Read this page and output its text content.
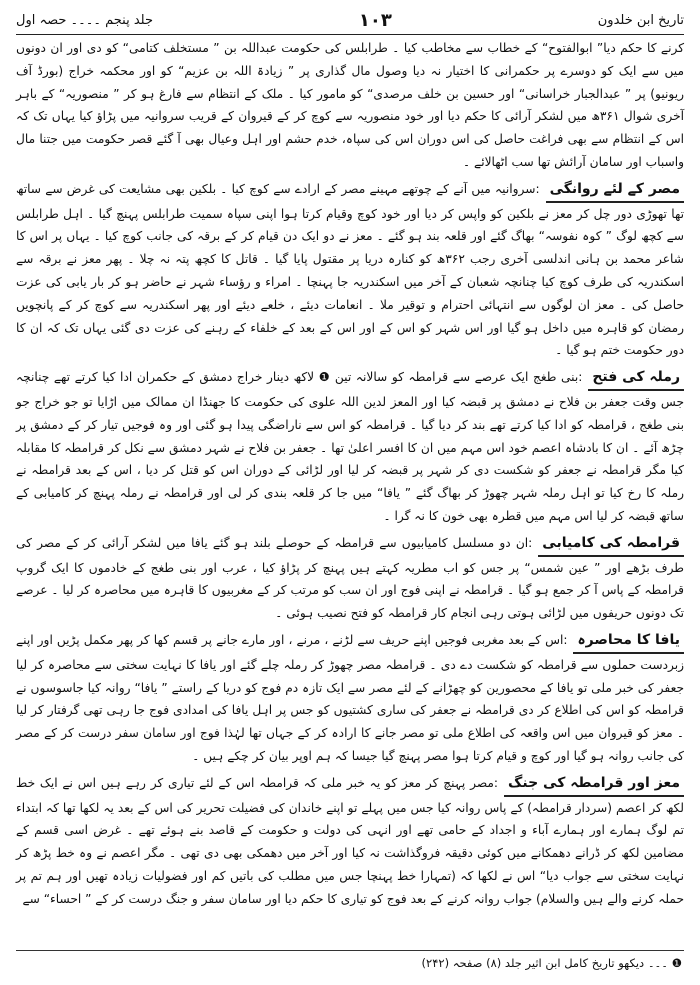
تاریخ ابن خلدون
۱۰۳
جلد پنجم ۔۔۔۔ حصہ اول

کرنے کا حکم دیا” ابوالفتوح“ کے خطاب سے مخاطب کیا ۔ طرابلس کی حکومت عبداللہ بن ” مستخلف کتامی“ کو دی اور ان دونوں میں سے ایک کو دوسرے پر حکمرانی کا اختیار نہ دیا وصول مال گذاری پر ” زیادۃ اللہ بن عزیم“ کو اور محکمہ خراج (بورڈ آف ریونیو) پر ” عبدالجبار خراسانی“ اور حسین بن خلف مرصدی“ کو مامور کیا ۔ ملک کے انتظام سے فارغ ہو کر ” منصوریہ“ کے باہر آخری شوال ۳۶۱ھ میں لشکر آرائی کا حکم دیا اور خود منصوریہ سے کوچ کر کے قیروان کے قریب سروانیہ میں پڑاؤ کیا یہاں تک کہ اس کے انتظام سے بھی فراغت حاصل کی اس دوران اس کی سپاہ، خدم حشم اور اہل وعیال بھی آ گئے قصر حکومت میں جتنا مال واسباب اور سامان آرائش تھا سب اٹھالائے ۔

مصر کے لئے روانگی:سروانیہ میں آنے کے چوتھے مہینے مصر کے ارادے سے کوچ کیا ۔ بلکین بھی مشایعت کی غرض سے ساتھ تھا تھوڑی دور چل کر معز نے بلکین کو واپس کر دیا اور خود کوچ وقیام کرتا ہوا اپنی سپاہ سمیت طرابلس پہنچ گیا ۔ اہل طرابلس سے کچھ لوگ ” کوہ نفوسہ“ بھاگ گئے اور قلعہ بند ہو گئے ۔ معز نے دو ایک دن قیام کر کے برقہ کی جانب کوچ کیا ۔ یہاں پر اس کا شاعر محمد بن ہانی اندلسی آخری رجب ۳۶۲ھ کو کنارہ دریا پر مقتول پایا گیا ۔ قاتل کا کچھ پتہ نہ چلا ۔ پھر معز نے برقہ سے اسکندریہ کی طرف کوچ کیا چنانچہ شعبان کے آخر میں اسکندریہ جا پہنچا ۔ امراء و رؤساء شہر نے حاضر ہو کر بار یابی کی عزت حاصل کی ۔ معز ان لوگوں سے انتہائی احترام و توقیر ملا ۔ انعامات دیئے ، خلعے دیئے اور پھر اسکندریہ سے کوچ کر کے پانچویں رمضان کو قاہرہ میں داخل ہو گیا اور اس شہر کو اس کے اور اس کے بعد کے خلفاء کے رہنے کی عزت دی گئی یہاں تک کہ ان کا دور حکومت ختم ہو گیا ۔

رملہ کی فتح:بنی طغج ایک عرصے سے قرامطہ کو سالانہ تین ❶ لاکھ دینار خراج دمشق کے حکمران ادا کیا کرتے تھے چنانچہ جس وقت جعفر بن فلاح نے دمشق پر قبضہ کیا اور المعز لدین اللہ علوی کی حکومت کا جھنڈا ان ممالک میں اڑایا تو جو خراج جو بنی طغج ، قرامطہ کو ادا کیا کرتے تھے بند کر دیا گیا ۔ قرامطہ کو اس سے ناراضگی پیدا ہو گئی اور وہ فوجیں تیار کر کے دمشق پر چڑھ آئے ۔ ان کا بادشاہ اعصم خود اس مہم میں ان کا افسر اعلیٰ تھا ۔ جعفر بن فلاح نے شہر دمشق سے نکل کر قرامطہ کا مقابلہ کیا مگر قرامطہ نے جعفر کو شکست دی کر شہر پر قبضہ کر لیا اور لڑائی کے دوران اس کو قتل کر دیا ، اس کے بعد قرامطہ نے رملہ کا رخ کیا تو اہل رملہ شہر چھوڑ کر بھاگ گئے ” یافا“ میں جا کر قلعہ بندی کر لی اور قرامطہ نے رملہ پہنچ کر کامیابی کے ساتھ قبضہ کر لیا اس مہم میں قطرہ بھی خون کا نہ گرا ۔

قرامطہ کی کامیابی:ان دو مسلسل کامیابیوں سے قرامطہ کے حوصلے بلند ہو گئے یافا میں لشکر آرائی کر کے مصر کی طرف بڑھے اور ” عین شمس“ پر جس کو اب مطریہ کہتے ہیں پہنچ کر پڑاؤ کیا ، عرب اور بنی طغج کے خادموں کا ایک گروپ قرامطہ کے پاس آ کر جمع ہو گیا ۔ قرامطہ نے اپنی فوج اور ان سب کو مرتب کر کے مغربیوں کا قاہرہ میں محاصرہ کر لیا ۔ عرصے تک دونوں حریفوں میں لڑائی ہوتی رہی انجام کار قرامطہ کو فتح نصیب ہوئی ۔

یافا کا محاصرہ:اس کے بعد مغربی فوجیں اپنے حریف سے لڑنے ، مرنے ، اور مارے جانے پر قسم کھا کر پھر مکمل پڑیں اور اپنے زبردست حملوں سے قرامطہ کو شکست دے دی ۔ قرامطہ مصر چھوڑ کر رملہ چلے گئے اور یافا کا نہایت سختی سے محاصرہ کر لیا جعفر کی خبر ملی تو یافا کے محصورین کو چھڑانے کے لئے مصر سے ایک تازہ دم فوج کو دریا کے راستے ” یافا“ روانہ کیا جاسوسوں نے قرامطہ کو اس کی اطلاع کر دی قرامطہ نے جعفر کی ساری کشتیوں کو جس پر اہل یافا کی امدادی فوج جا رہی تھی گرفتار کر لیا ۔ معز کو قیروان میں اس واقعہ کی اطلاع ملی تو مصر جانے کا ارادہ کر کے جہاں تھا لہٰذا فوج اور سامان سفر درست کر کے مصر کی جانب روانہ ہو گیا اور کوچ و قیام کرتا ہوا مصر پہنچ گیا جیسا کہ ہم اوپر بیان کر چکے ہیں ۔

معز اور قرامطہ کی جنگ:مصر پہنچ کر معز کو یہ خبر ملی کہ قرامطہ اس کے لئے تیاری کر رہے ہیں اس نے ایک خط لکھ کر اعصم (سردار قرامطہ) کے پاس روانہ کیا جس میں پہلے تو اپنے خاندان کی فضیلت تحریر کی اس کے بعد یہ لکھا تھا کہ ابتداء تم لوگ ہمارے اور ہمارے آباء و اجداد کے حامی تھے اور انہی کی دولت و حکومت کے قاصد بنے ہوئے تھے ۔ غرض اسی قسم کے مضامین لکھ کر ڈرانے دھمکانے میں کوئی دقیقہ فروگذاشت نہ کیا اور آخر میں دھمکی بھی دی تھی ۔ مگر اعصم نے وہ خط پڑھ کر نہایت سختی سے جواب دیا“ اس نے لکھا کہ (تمہارا خط پہنچا جس میں مطلب کی باتیں کم اور فضولیات زیادہ تھیں اور ہم تم پر حملہ کرنے والے ہیں والسلام) جواب روانہ کرنے کے بعد فوج کو تیاری کا حکم دیا اور سامان سفر و جنگ درست کر کے ” احساء“ سے

❶ ۔۔۔ دیکھو تاریخ کامل ابن اثیر جلد (۸) صفحہ (۲۴۲)
